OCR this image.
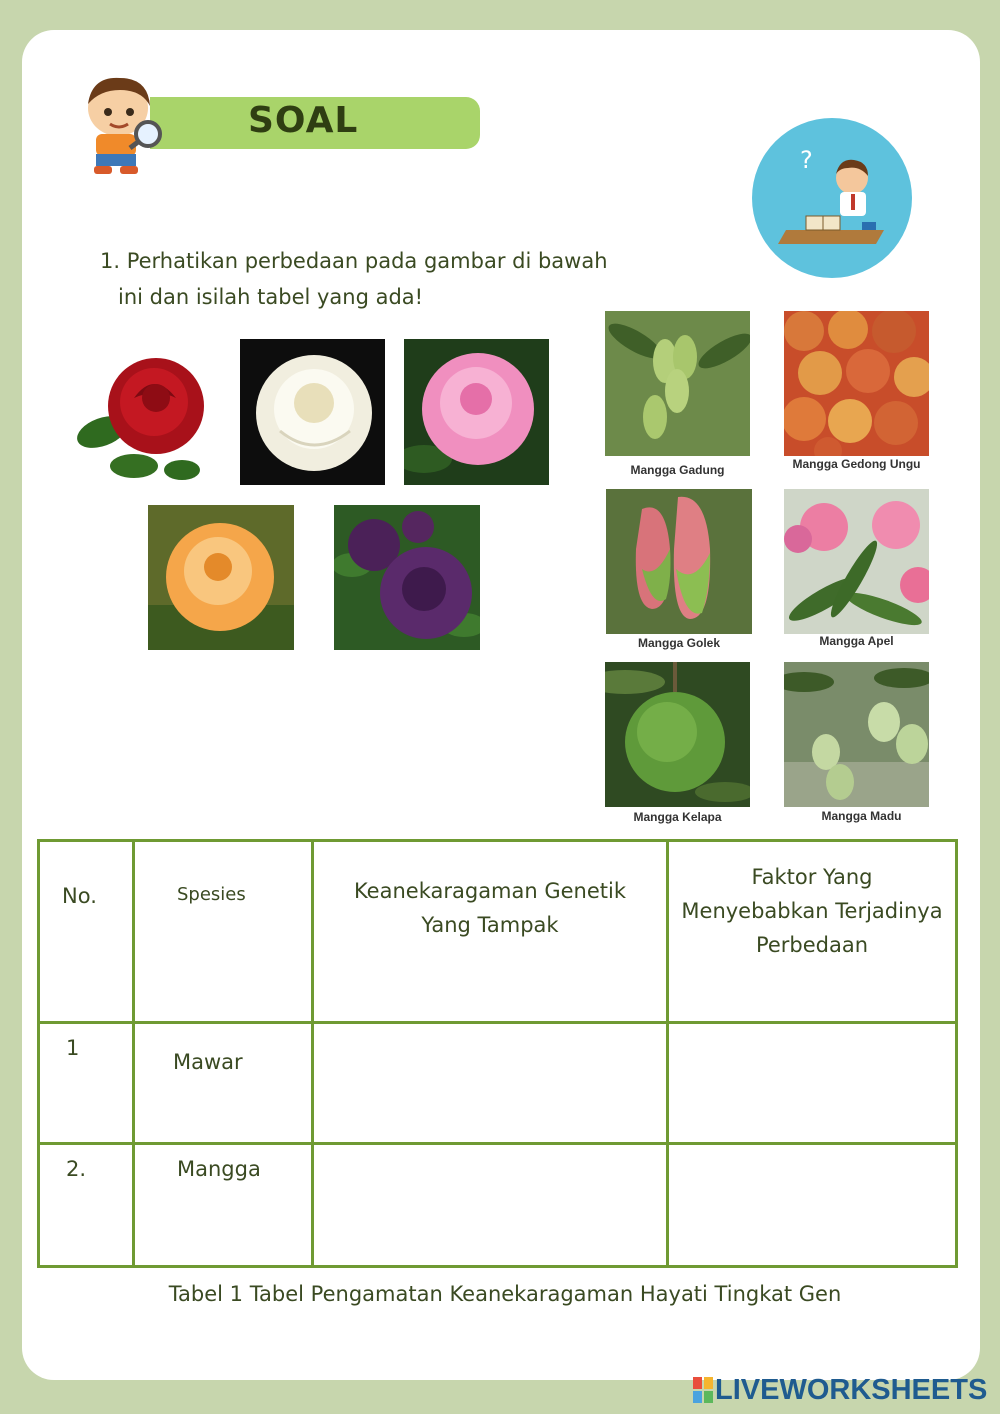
SOAL
?
1. Perhatikan perbedaan pada gambar di bawah
ini dan isilah tabel yang ada!
Mangga Gadung	Mangga Gedong Ungu
Mangga Golek	Mangga Apel
Mangga Kelapa	Mangga Madu
No.	Spesies	Keanekaragaman Genetik Yang Tampak	Faktor Yang Menyebabkan Terjadinya Perbedaan

1	Mawar		

2.	Mangga		

Tabel 1 Tabel Pengamatan Keanekaragaman Hayati Tingkat Gen
LIVEWORKSHEETS
